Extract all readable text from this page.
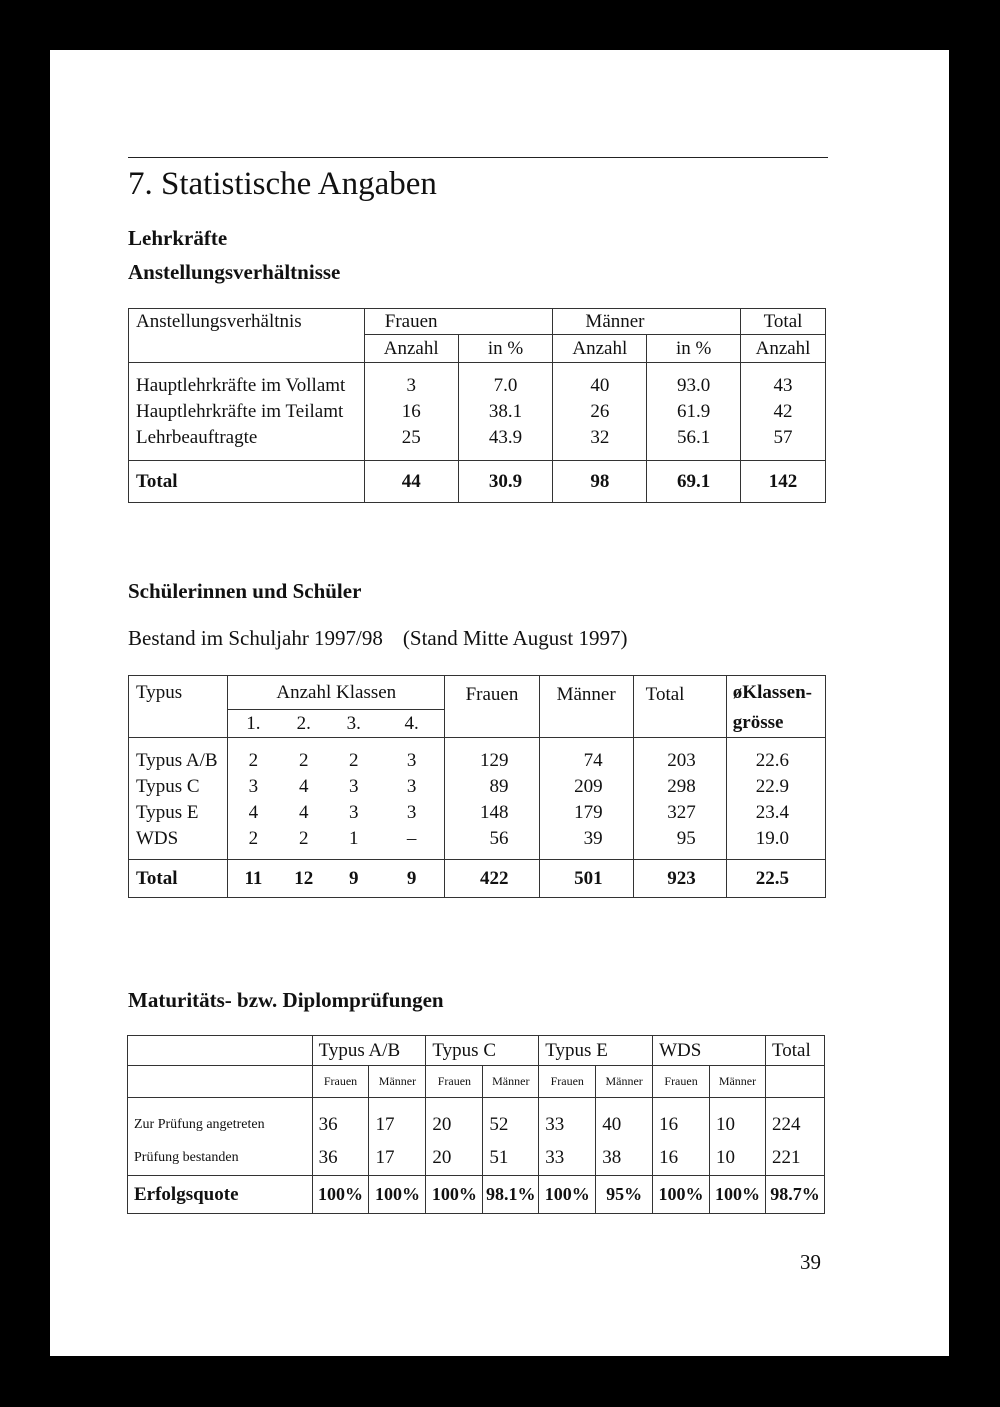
7. Statistische Angaben
Lehrkräfte
Anstellungsverhältnisse
Anstellungsverhältnis	Frauen		Männer		Total
	Anzahl	in %	Anzahl	in %	Anzahl

Hauptlehrkräfte im Vollamt	3	7.0	40	93.0	43
Hauptlehrkräfte im Teilamt	16	38.1	26	61.9	42
Lehrbeauftragte	25	43.9	32	56.1	57

Total	44	30.9	98	69.1	142
Schülerinnen und Schüler
Bestand im Schuljahr 1997/98 (Stand Mitte August 1997)
Typus	Anzahl Klassen				Frauen	Männer	Total	øKlassen-
	1.	2.	3.	4.				grösse

Typus A/B	2	2	2	3	129	74	203	22.6
Typus C	3	4	3	3	89	209	298	22.9
Typus E	4	4	3	3	148	179	327	23.4
WDS	2	2	1	–	56	39	95	19.0

Total	11	12	9	9	422	501	923	22.5
Maturitäts- bzw. Diplomprüfungen
	Typus A/B		Typus C		Typus E		WDS		Total
	Frauen	Männer	Frauen	Männer	Frauen	Männer	Frauen	Männer	

Zur Prüfung angetreten	36	17	20	52	33	40	16	10	224
Prüfung bestanden	36	17	20	51	33	38	16	10	221
Erfolgsquote	100%	100%	100%	98.1%	100%	95%	100%	100%	98.7%
39
